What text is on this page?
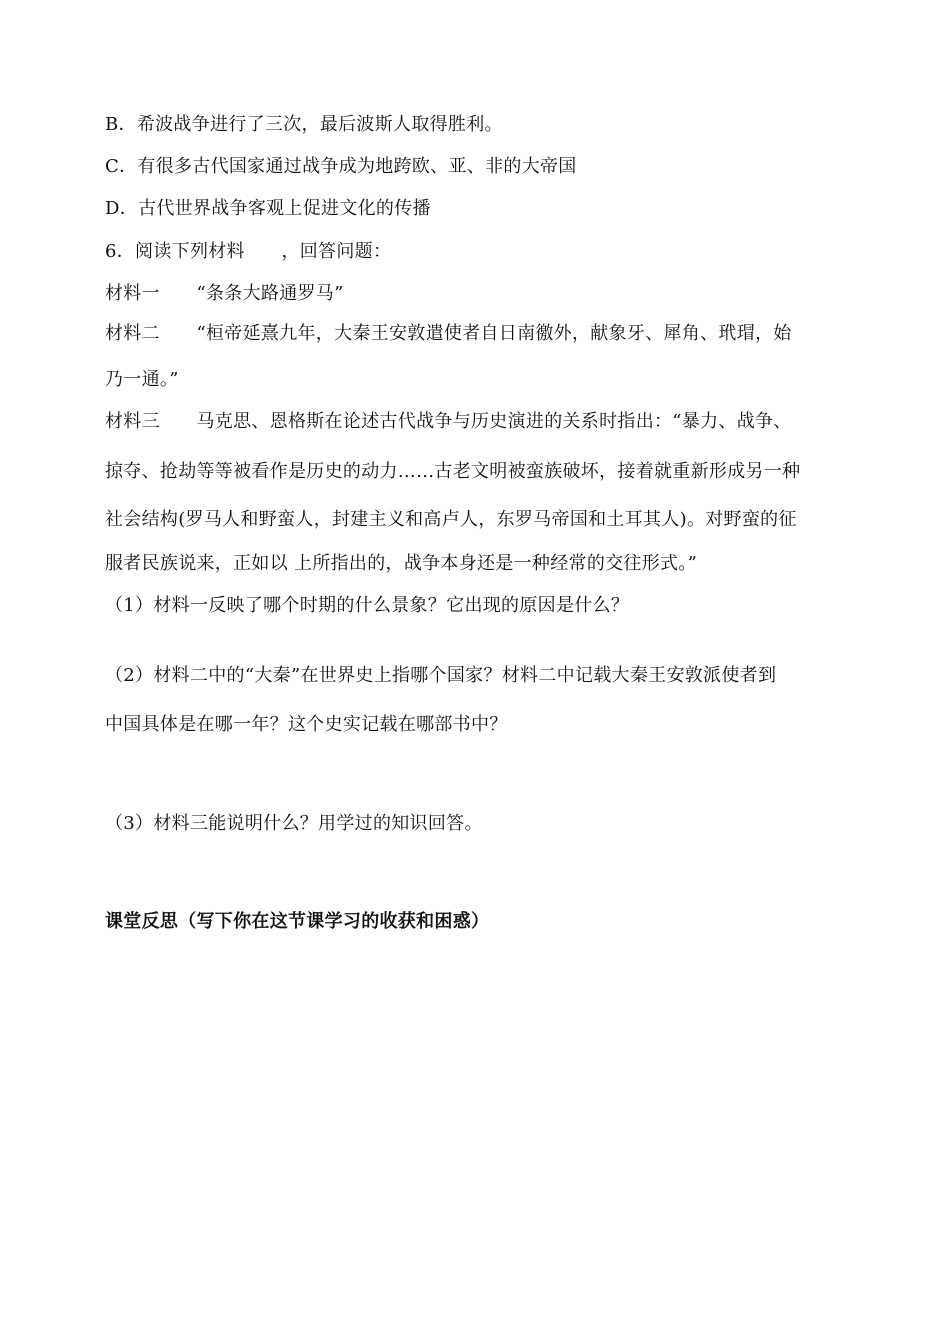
B．希波战争进行了三次，最后波斯人取得胜利。
C．有很多古代国家通过战争成为地跨欧、亚、非的大帝国
D．古代世界战争客观上促进文化的传播
6．阅读下列材料　　，回答问题：
材料一　　“条条大路通罗马”
材料二　　“桓帝延熹九年，大秦王安敦遣使者自日南徼外，献象牙、犀角、玳瑁，始
乃一通。”
材料三　　马克思、恩格斯在论述古代战争与历史演进的关系时指出：“暴力、战争、
掠夺、抢劫等等被看作是历史的动力……古老文明被蛮族破坏，接着就重新形成另一种
社会结构(罗马人和野蛮人，封建主义和高卢人，东罗马帝国和土耳其人)。对野蛮的征
服者民族说来，正如以 上所指出的，战争本身还是一种经常的交往形式。”
（1）材料一反映了哪个时期的什么景象？它出现的原因是什么？
（2）材料二中的“大秦”在世界史上指哪个国家？材料二中记载大秦王安敦派使者到
中国具体是在哪一年？这个史实记载在哪部书中？
（3）材料三能说明什么？用学过的知识回答。
课堂反思（写下你在这节课学习的收获和困惑）
